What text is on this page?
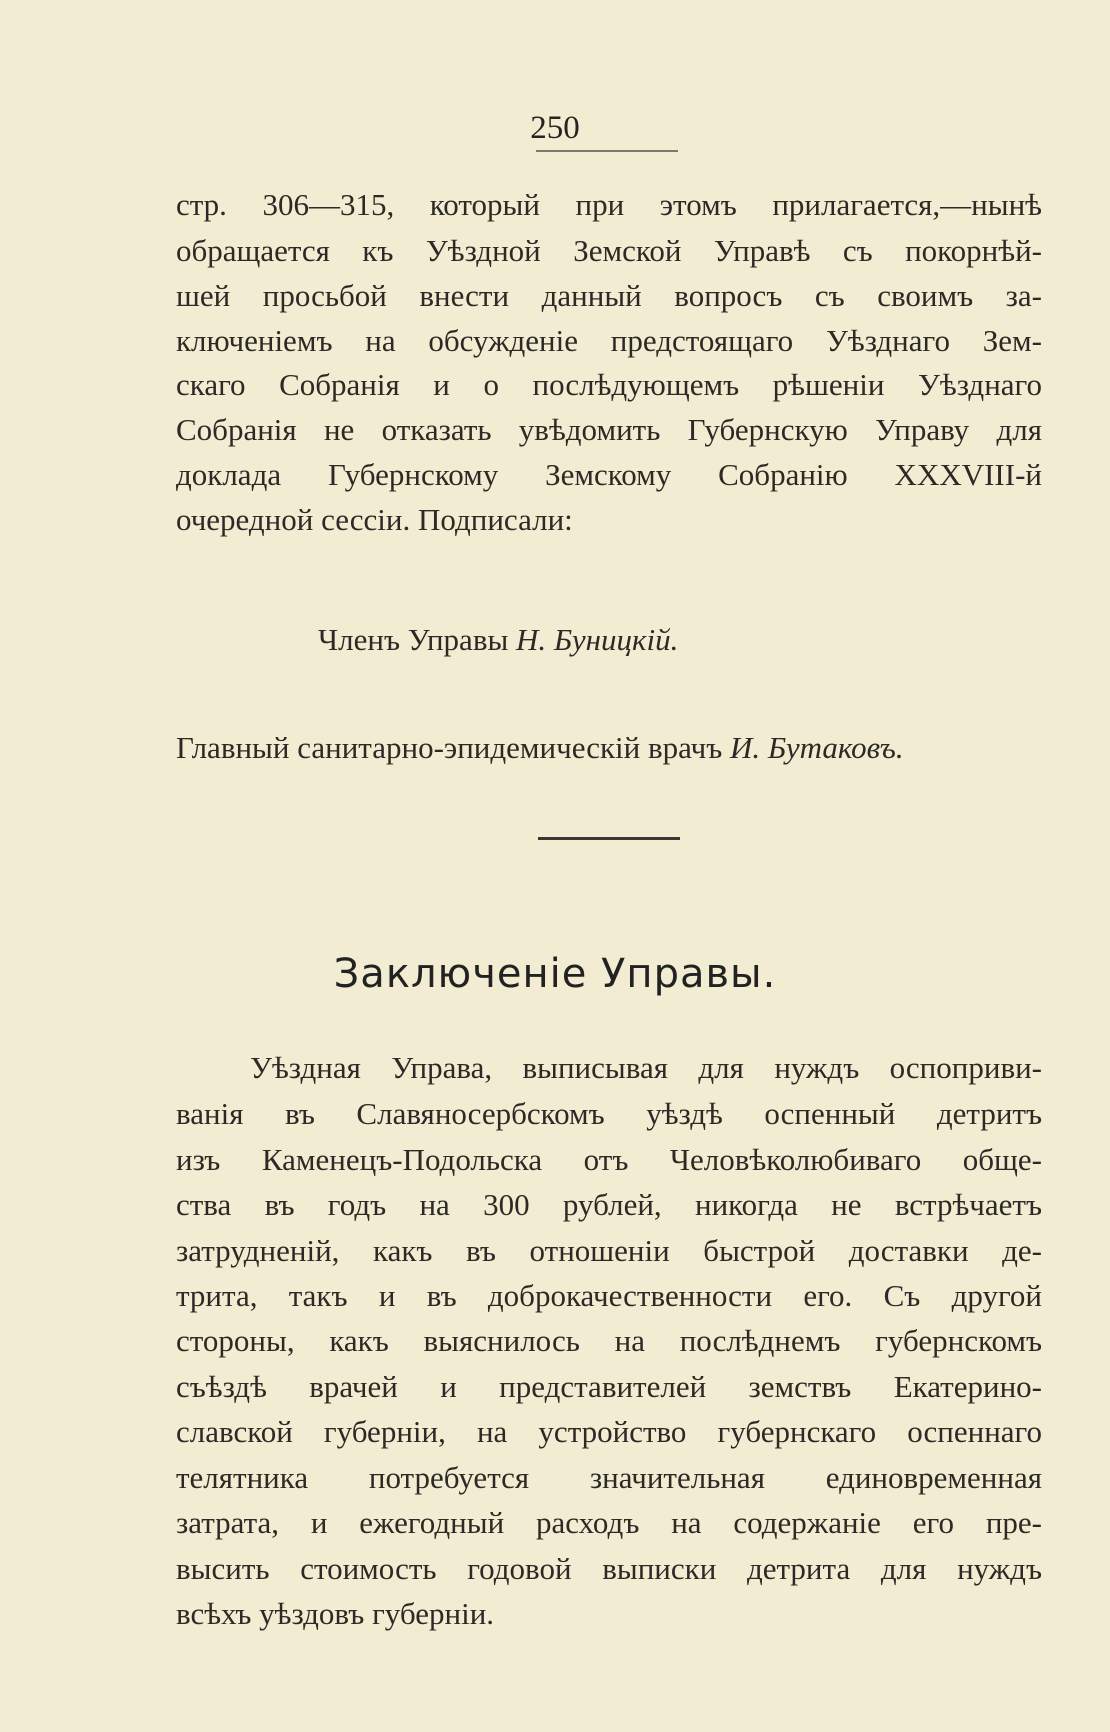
250
стр. 306—315, который при этомъ прилагается,—нынѣ
обращается къ Уѣздной Земской Управѣ съ покорнѣй-
шей просьбой внести данный вопросъ съ своимъ за-
ключеніемъ на обсужденіе предстоящаго Уѣзднаго Зем-
скаго Собранія и о послѣдующемъ рѣшеніи Уѣзднаго
Собранія не отказать увѣдомить Губернскую Управу для
доклада Губернскому Земскому Собранію XXXVIII-й
очередной сессіи. Подписали:
Членъ Управы Н. Буницкій.
Главный санитарно-эпидемическій врачъ И. Бутаковъ.
Заключеніе Управы.
Уѣздная Управа, выписывая для нуждъ оспоприви-
ванія въ Славяносербскомъ уѣздѣ оспенный детритъ
изъ Каменецъ-Подольска отъ Человѣколюбиваго обще-
ства въ годъ на 300 рублей, никогда не встрѣчаетъ
затрудненій, какъ въ отношеніи быстрой доставки де-
трита, такъ и въ доброкачественности его. Съ другой
стороны, какъ выяснилось на послѣднемъ губернскомъ
съѣздѣ врачей и представителей земствъ Екатерино-
славской губерніи, на устройство губернскаго оспеннаго
телятника потребуется значительная единовременная
затрата, и ежегодный расходъ на содержаніе его пре-
высить стоимость годовой выписки детрита для нуждъ
всѣхъ уѣздовъ губерніи.
